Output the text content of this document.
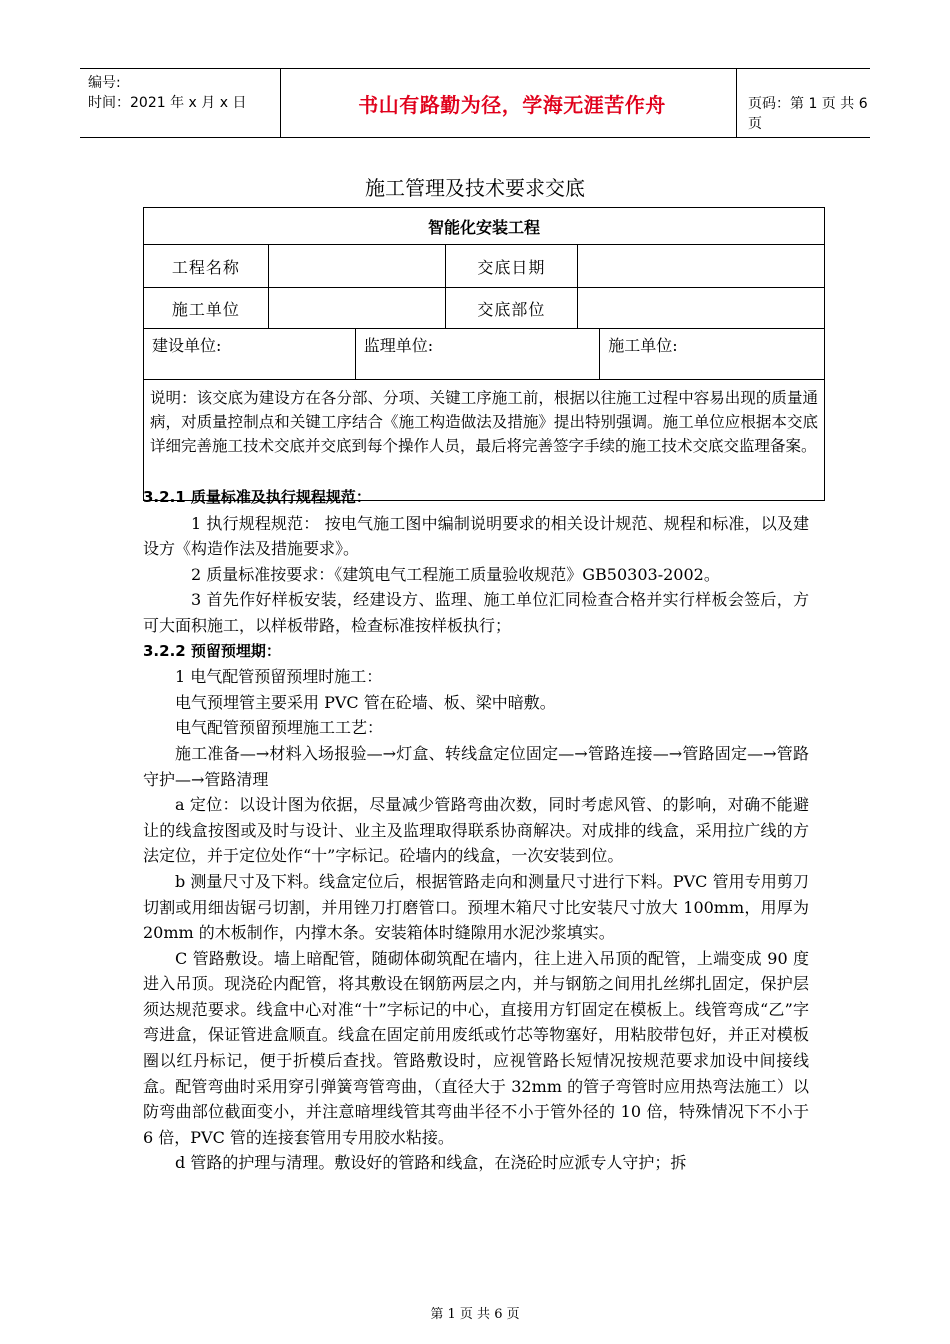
编号:
时间：2021 年 x 月 x 日	书山有路勤为径，学海无涯苦作舟	页码：第 1 页 共 6 页
施工管理及技术要求交底
智能化安装工程					
工程名称			交底日期		
施工单位			交底部位		
建设单位:		监理单位:			施工单位:
说明：该交底为建设方在各分部、分项、关键工序施工前，根据以往施工过程中容易出现的质量通病，对质量控制点和关键工序结合《施工构造做法及措施》提出特别强调。施工单位应根据本交底详细完善施工技术交底并交底到每个操作人员，最后将完善签字手续的施工技术交底交监理备案。					

3.2.1 质量标准及执行规程规范：

1 执行规程规范： 按电气施工图中编制说明要求的相关设计规范、规程和标准，以及建设方《构造作法及措施要求》。

2 质量标准按要求：《建筑电气工程施工质量验收规范》GB50303-2002。

3 首先作好样板安装，经建设方、监理、施工单位汇同检查合格并实行样板会签后，方可大面积施工，以样板带路，检查标准按样板执行；

3.2.2 预留预埋期：

1 电气配管预留预埋时施工：

电气预埋管主要采用 PVC 管在砼墙、板、梁中暗敷。

电气配管预留预埋施工工艺：

施工准备—→材料入场报验—→灯盒、转线盒定位固定—→管路连接—→管路固定—→管路守护—→管路清理

a 定位：以设计图为依据，尽量减少管路弯曲次数，同时考虑风管、的影响，对确不能避让的线盒按图或及时与设计、业主及监理取得联系协商解决。对成排的线盒，采用拉广线的方法定位，并于定位处作“十”字标记。砼墙内的线盒，一次安装到位。

b 测量尺寸及下料。线盒定位后，根据管路走向和测量尺寸进行下料。PVC 管用专用剪刀切割或用细齿锯弓切割，并用锉刀打磨管口。预埋木箱尺寸比安装尺寸放大 100mm，用厚为 20mm 的木板制作，内撑木条。安装箱体时缝隙用水泥沙浆填实。

C 管路敷设。墙上暗配管，随砌体砌筑配在墙内，往上进入吊顶的配管，上端变成 90 度进入吊顶。现浇砼内配管，将其敷设在钢筋两层之内，并与钢筋之间用扎丝绑扎固定，保护层须达规范要求。线盒中心对准“十”字标记的中心，直接用方钉固定在模板上。线管弯成“乙”字弯进盒，保证管进盒顺直。线盒在固定前用废纸或竹芯等物塞好，用粘胶带包好，并正对模板圈以红丹标记，便于折模后查找。管路敷设时，应视管路长短情况按规范要求加设中间接线盒。配管弯曲时采用穿引弹簧弯管弯曲，（直径大于 32mm 的管子弯管时应用热弯法施工）以防弯曲部位截面变小，并注意暗埋线管其弯曲半径不小于管外径的 10 倍，特殊情况下不小于 6 倍，PVC 管的连接套管用专用胶水粘接。

d 管路的护理与清理。敷设好的管路和线盒，在浇砼时应派专人守护；拆

第 1 页 共 6 页
